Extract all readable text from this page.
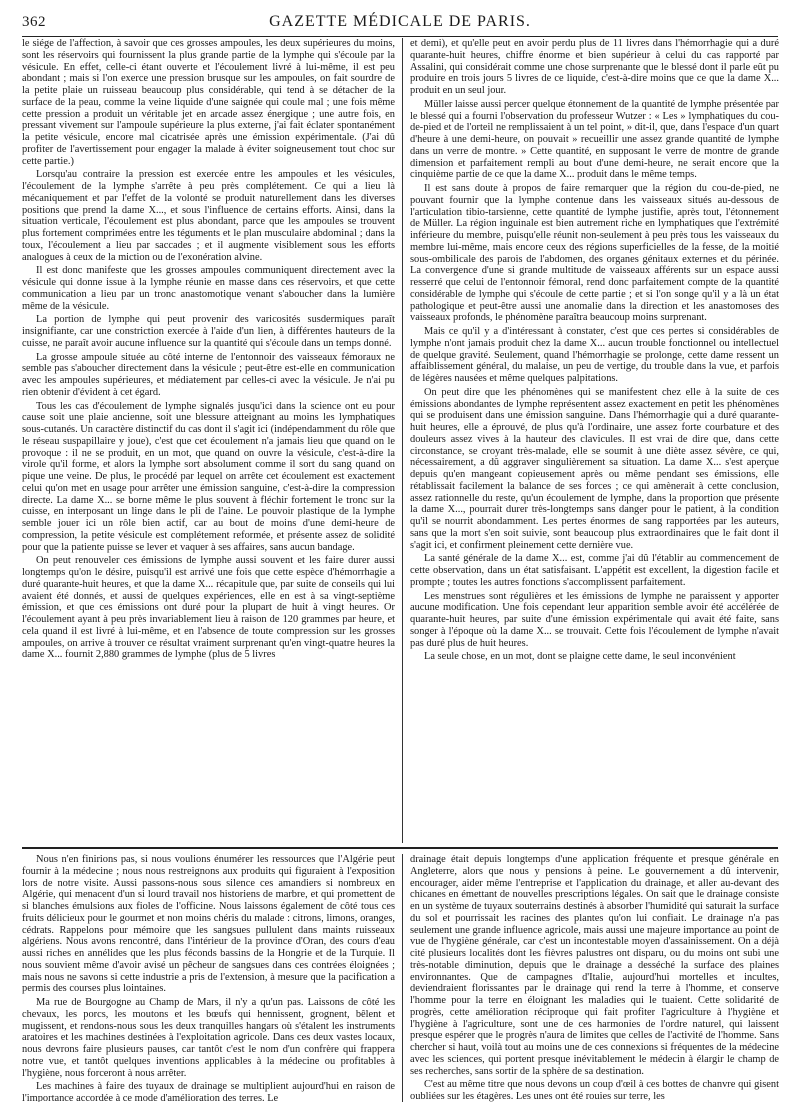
362	GAZETTE MÉDICALE DE PARIS.

le siége de l'affection, à savoir que ces grosses ampoules, les deux supérieures du moins, sont les réservoirs qui fournissent la plus grande partie de la lymphe qui s'écoule par la vésicule. En effet, celle-ci étant ouverte et l'écoulement livré à lui-même, il est peu abondant ; mais si l'on exerce une pression brusque sur les ampoules, on fait sourdre de la petite plaie un ruisseau beaucoup plus considérable, qui tend à se détacher de la surface de la peau, comme la veine liquide d'une saignée qui coule mal ; une fois même cette pression a produit un véritable jet en arcade assez énergique ; une autre fois, en pressant vivement sur l'ampoule supérieure la plus externe, j'ai fait éclater spontanément la petite vésicule, encore mal cicatrisée après une émission expérimentale. (J'ai dû profiter de l'avertissement pour engager la malade à éviter soigneusement tout choc sur cette partie.)

Lorsqu'au contraire la pression est exercée entre les ampoules et les vésicules, l'écoulement de la lymphe s'arrête à peu près complétement. Ce qui a lieu là mécaniquement et par l'effet de la volonté se produit naturellement dans les diverses positions que prend la dame X..., et sous l'influence de certains efforts. Ainsi, dans la situation verticale, l'écoulement est plus abondant, parce que les ampoules se trouvent plus fortement comprimées entre les téguments et le plan musculaire abdominal ; dans la toux, l'écoulement a lieu par saccades ; et il augmente visiblement sous les efforts analogues à ceux de la miction ou de l'exonération alvine.

Il est donc manifeste que les grosses ampoules communiquent directement avec la vésicule qui donne issue à la lymphe réunie en masse dans ces réservoirs, et que cette communication a lieu par un tronc anastomotique venant s'aboucher dans la lumière même de la vésicule.

La portion de lymphe qui peut provenir des varicosités susdermiques paraît insignifiante, car une constriction exercée à l'aide d'un lien, à différentes hauteurs de la cuisse, ne paraît avoir aucune influence sur la quantité qui s'écoule dans un temps donné.

La grosse ampoule située au côté interne de l'entonnoir des vaisseaux fémoraux ne semble pas s'aboucher directement dans la vésicule ; peut-être est-elle en communication avec les ampoules supérieures, et médiatement par celles-ci avec la vésicule. Je n'ai pu rien obtenir d'évident à cet égard.

Tous les cas d'écoulement de lymphe signalés jusqu'ici dans la science ont eu pour cause soit une plaie ancienne, soit une blessure atteignant au moins les lymphatiques sous-cutanés. Un caractère distinctif du cas dont il s'agit ici (indépendamment du rôle que le réseau suspapillaire y joue), c'est que cet écoulement n'a jamais lieu que quand on le provoque : il ne se produit, en un mot, que quand on ouvre la vésicule, c'est-à-dire la virole qu'il forme, et alors la lymphe sort absolument comme il sort du sang quand on pique une veine. De plus, le procédé par lequel on arrête cet écoulement est exactement celui qu'on met en usage pour arrêter une émission sanguine, c'est-à-dire la compression directe. La dame X... se borne même le plus souvent à fléchir fortement le tronc sur la cuisse, en interposant un linge dans le pli de l'aine. Le pouvoir plastique de la lymphe semble jouer ici un rôle bien actif, car au bout de moins d'une demi-heure de compression, la petite vésicule est complétement reformée, et présente assez de solidité pour que la patiente puisse se lever et vaquer à ses affaires, sans aucun bandage.

On peut renouveler ces émissions de lymphe aussi souvent et les faire durer aussi longtemps qu'on le désire, puisqu'il est arrivé une fois que cette espèce d'hémorrhagie a duré quarante-huit heures, et que la dame X... récapitule que, par suite de conseils qui lui avaient été donnés, et aussi de quelques expériences, elle en est à sa vingt-septième émission, et que ces émissions ont duré pour la plupart de huit à vingt heures. Or l'écoulement ayant à peu près invariablement lieu à raison de 120 grammes par heure, et cela quand il est livré à lui-même, et en l'absence de toute compression sur les grosses ampoules, on arrive à trouver ce résultat vraiment surprenant qu'en vingt-quatre heures la dame X... fournit 2,880 grammes de lymphe (plus de 5 livres

et demi), et qu'elle peut en avoir perdu plus de 11 livres dans l'hémorrhagie qui a duré quarante-huit heures, chiffre énorme et bien supérieur à celui du cas rapporté par Assalini, qui considérait comme une chose surprenante que le blessé dont il parle eût pu produire en trois jours 5 livres de ce liquide, c'est-à-dire moins que ce que la dame X... produit en un seul jour.

Müller laisse aussi percer quelque étonnement de la quantité de lymphe présentée par le blessé qui a fourni l'observation du professeur Wutzer : « Les » lymphatiques du cou-de-pied et de l'orteil ne remplissaient à un tel point, » dit-il, que, dans l'espace d'un quart d'heure à une demi-heure, on pouvait » recueillir une assez grande quantité de lymphe dans un verre de montre. » Cette quantité, en supposant le verre de montre de grande dimension et parfaitement rempli au bout d'une demi-heure, ne serait encore que la cinquième partie de ce que la dame X... produit dans le même temps.

Il est sans doute à propos de faire remarquer que la région du cou-de-pied, ne pouvant fournir que la lymphe contenue dans les vaisseaux situés au-dessous de l'articulation tibio-tarsienne, cette quantité de lymphe justifie, après tout, l'étonnement de Müller. La région inguinale est bien autrement riche en lymphatiques que l'extrémité inférieure du membre, puisqu'elle réunit non-seulement à peu près tous les vaisseaux du membre lui-même, mais encore ceux des régions superficielles de la fesse, de la moitié sous-ombilicale des parois de l'abdomen, des organes génitaux externes et du périnée. La convergence d'une si grande multitude de vaisseaux afférents sur un espace aussi resserré que celui de l'entonnoir fémoral, rend donc parfaitement compte de la quantité considérable de lymphe qui s'écoule de cette partie ; et si l'on songe qu'il y a là un état pathologique et peut-être aussi une anomalie dans la direction et les anastomoses des vaisseaux profonds, le phénomène paraîtra beaucoup moins surprenant.

Mais ce qu'il y a d'intéressant à constater, c'est que ces pertes si considérables de lymphe n'ont jamais produit chez la dame X... aucun trouble fonctionnel ou intellectuel de quelque gravité. Seulement, quand l'hémorrhagie se prolonge, cette dame ressent un affaiblissement général, du malaise, un peu de vertige, du trouble dans la vue, et parfois de légères nausées et même quelques palpitations.

On peut dire que les phénomènes qui se manifestent chez elle à la suite de ces émissions abondantes de lymphe représentent assez exactement en petit les phénomènes qui se produisent dans une émission sanguine. Dans l'hémorrhagie qui a duré quarante-huit heures, elle a éprouvé, de plus qu'à l'ordinaire, une assez forte courbature et des douleurs assez vives à la hauteur des clavicules. Il est vrai de dire que, dans cette circonstance, se croyant très-malade, elle se soumit à une diète assez sévère, ce qui, nécessairement, a dû aggraver singulièrement sa situation. La dame X... s'est aperçue depuis qu'en mangeant copieusement après ou même pendant ses émissions, elle rétablissait facilement la balance de ses forces ; ce qui amènerait à cette conclusion, assez rationnelle du reste, qu'un écoulement de lymphe, dans la proportion que présente la dame X..., pourrait durer très-longtemps sans danger pour le patient, à la condition qu'il se nourrit abondamment. Les pertes énormes de sang rapportées par les auteurs, sans que la mort s'en soit suivie, sont beaucoup plus extraordinaires que le fait dont il s'agit ici, et confirment pleinement cette dernière vue.

La santé générale de la dame X... est, comme j'ai dû l'établir au commencement de cette observation, dans un état satisfaisant. L'appétit est excellent, la digestion facile et prompte ; toutes les autres fonctions s'accomplissent parfaitement.

Les menstrues sont régulières et les émissions de lymphe ne paraissent y apporter aucune modification. Une fois cependant leur apparition semble avoir été accélérée de quarante-huit heures, par suite d'une émission expérimentale qui avait été faite, sans songer à l'époque où la dame X... se trouvait. Cette fois l'écoulement de lymphe n'avait pas duré plus de huit heures.

La seule chose, en un mot, dont se plaigne cette dame, le seul inconvénient

Nous n'en finirions pas, si nous voulions énumérer les ressources que l'Algérie peut fournir à la médecine ; nous nous restreignons aux produits qui figuraient à l'exposition lors de notre visite. Aussi passons-nous sous silence ces amandiers si nombreux en Algérie, qui menacent d'un si lourd travail nos historiens de marbre, et qui promettent de si blanches émulsions aux fioles de l'officine. Nous laissons également de côté tous ces fruits délicieux pour le gourmet et non moins chéris du malade : citrons, limons, oranges, cédrats. Rappelons pour mémoire que les sangsues pullulent dans maints ruisseaux algériens. Nous avons rencontré, dans l'intérieur de la province d'Oran, des cours d'eau aussi riches en annélides que les plus féconds bassins de la Hongrie et de la Turquie. Il nous souvient même d'avoir avisé un pêcheur de sangsues dans ces contrées éloignées ; mais nous ne savons si cette industrie a pris de l'extension, à mesure que la pacification a permis des courses plus lointaines.

Ma rue de Bourgogne au Champ de Mars, il n'y a qu'un pas. Laissons de côté les chevaux, les porcs, les moutons et les bœufs qui hennissent, grognent, bêlent et mugissent, et rendons-nous sous les deux tranquilles hangars où s'étalent les instruments aratoires et les machines destinées à l'exploitation agricole. Dans ces deux vastes locaux, nous devrons faire plusieurs pauses, car tantôt c'est le nom d'un confrère qui frappera notre vue, et tantôt quelques inventions applicables à la médecine ou profitables à l'hygiène, nous forceront à nous arrêter.

Les machines à faire des tuyaux de drainage se multiplient aujourd'hui en raison de l'importance accordée à ce mode d'amélioration des terres. Le

drainage était depuis longtemps d'une application fréquente et presque générale en Angleterre, alors que nous y pensions à peine. Le gouvernement a dû intervenir, encourager, aider même l'entreprise et l'application du drainage, et aller au-devant des chicanes en émettant de nouvelles prescriptions légales. On sait que le drainage consiste en un système de tuyaux souterrains destinés à absorber l'humidité qui saturait la surface du sol et pourrissait les racines des plantes qu'on lui confiait. Le drainage n'a pas seulement une grande influence agricole, mais aussi une majeure importance au point de vue de l'hygiène générale, car c'est un incontestable moyen d'assainissement. On a déjà cité plusieurs localités dont les fièvres palustres ont disparu, ou du moins ont subi une très-notable diminution, depuis que le drainage a desséché la surface des plaines environnantes. Que de campagnes d'Italie, aujourd'hui mortelles et incultes, deviendraient florissantes par le drainage qui rend la terre à l'homme, et conserve l'homme pour la terre en éloignant les maladies qui le tuaient. Cette solidarité de progrès, cette amélioration réciproque qui fait profiter l'agriculture à l'hygiène et l'hygiène à l'agriculture, sont une de ces harmonies de l'ordre naturel, qui laissent presque espérer que le progrès n'aura de limites que celles de l'activité de l'homme. Sans chercher si haut, voilà tout au moins une de ces connexions si fréquentes de la médecine avec les sciences, qui portent presque inévitablement le médecin à élargir le champ de ses recherches, sans sortir de la sphère de sa destination.

C'est au même titre que nous devons un coup d'œil à ces bottes de chanvre qui gisent oubliées sur les étagères. Les unes ont été rouies sur terre, les
